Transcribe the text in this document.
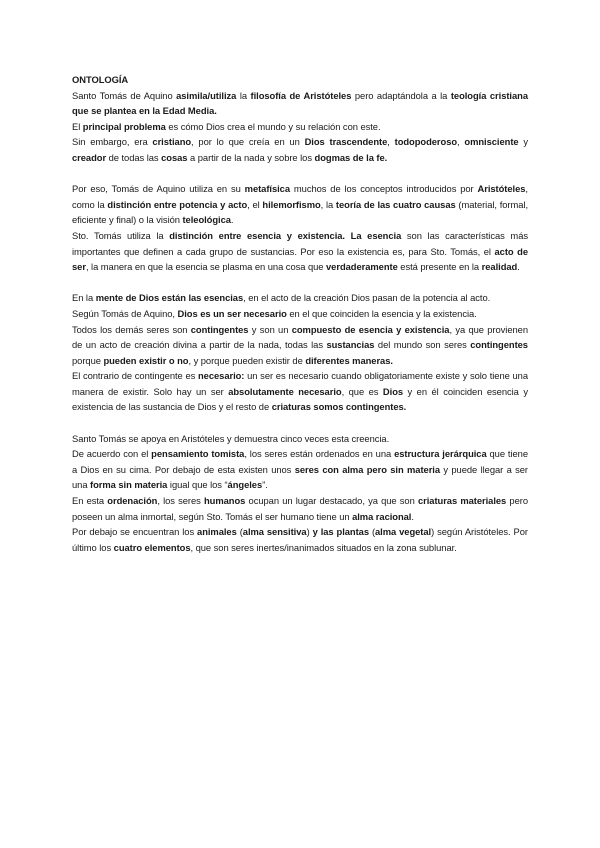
ONTOLOGÍA
Santo Tomás de Aquino asimila/utiliza la filosofía de Aristóteles pero adaptándola a la teología cristiana que se plantea en la Edad Media.
El principal problema es cómo Dios crea el mundo y su relación con este.
Sin embargo, era cristiano, por lo que creía en un Dios trascendente, todopoderoso, omnisciente y creador de todas las cosas a partir de la nada y sobre los dogmas de la fe.
Por eso, Tomás de Aquino utiliza en su metafísica muchos de los conceptos introducidos por Aristóteles, como la distinción entre potencia y acto, el hilemorfismo, la teoría de las cuatro causas (material, formal, eficiente y final) o la visión teleológica.
Sto. Tomás utiliza la distinción entre esencia y existencia. La esencia son las características más importantes que definen a cada grupo de sustancias. Por eso la existencia es, para Sto. Tomás, el acto de ser, la manera en que la esencia se plasma en una cosa que verdaderamente está presente en la realidad.
En la mente de Dios están las esencias, en el acto de la creación Dios pasan de la potencia al acto.
Según Tomás de Aquino, Dios es un ser necesario en el que coinciden la esencia y la existencia.
Todos los demás seres son contingentes y son un compuesto de esencia y existencia, ya que provienen de un acto de creación divina a partir de la nada, todas las sustancias del mundo son seres contingentes porque pueden existir o no, y porque pueden existir de diferentes maneras.
El contrario de contingente es necesario: un ser es necesario cuando obligatoriamente existe y solo tiene una manera de existir. Solo hay un ser absolutamente necesario, que es Dios y en él coinciden esencia y existencia de las sustancia de Dios y el resto de criaturas somos contingentes.
Santo Tomás se apoya en Aristóteles y demuestra cinco veces esta creencia.
De acuerdo con el pensamiento tomista, los seres están ordenados en una estructura jerárquica que tiene a Dios en su cima. Por debajo de esta existen unos seres con alma pero sin materia y puede llegar a ser una forma sin materia igual que los “ángeles”.
En esta ordenación, los seres humanos ocupan un lugar destacado, ya que son criaturas materiales pero poseen un alma inmortal, según Sto. Tomás el ser humano tiene un alma racional.
Por debajo se encuentran los animales (alma sensitiva) y las plantas (alma vegetal) según Aristóteles. Por último los cuatro elementos, que son seres inertes/inanimados situados en la zona sublunar.
